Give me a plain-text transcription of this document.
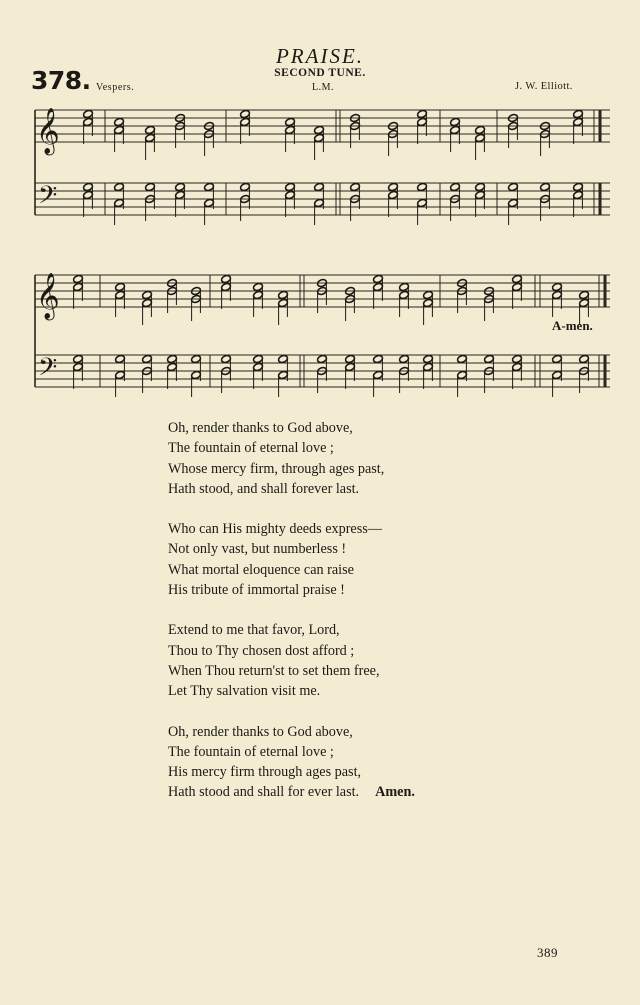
PRAISE.
SECOND TUNE.
378. Vespers.	L.M.	J. W. Elliott.
𝄞
𝄢
𝄞
𝄢
A-men.
Oh, render thanks to God above,
The fountain of eternal love ;
Whose mercy firm, through ages past,
Hath stood, and shall forever last.
Who can His mighty deeds express—
Not only vast, but numberless !
What mortal eloquence can raise
His tribute of immortal praise !
Extend to me that favor, Lord,
Thou to Thy chosen dost afford ;
When Thou return'st to set them free,
Let Thy salvation visit me.
Oh, render thanks to God above,
The fountain of eternal love ;
His mercy firm through ages past,
Hath stood and shall for ever last. Amen.
389
